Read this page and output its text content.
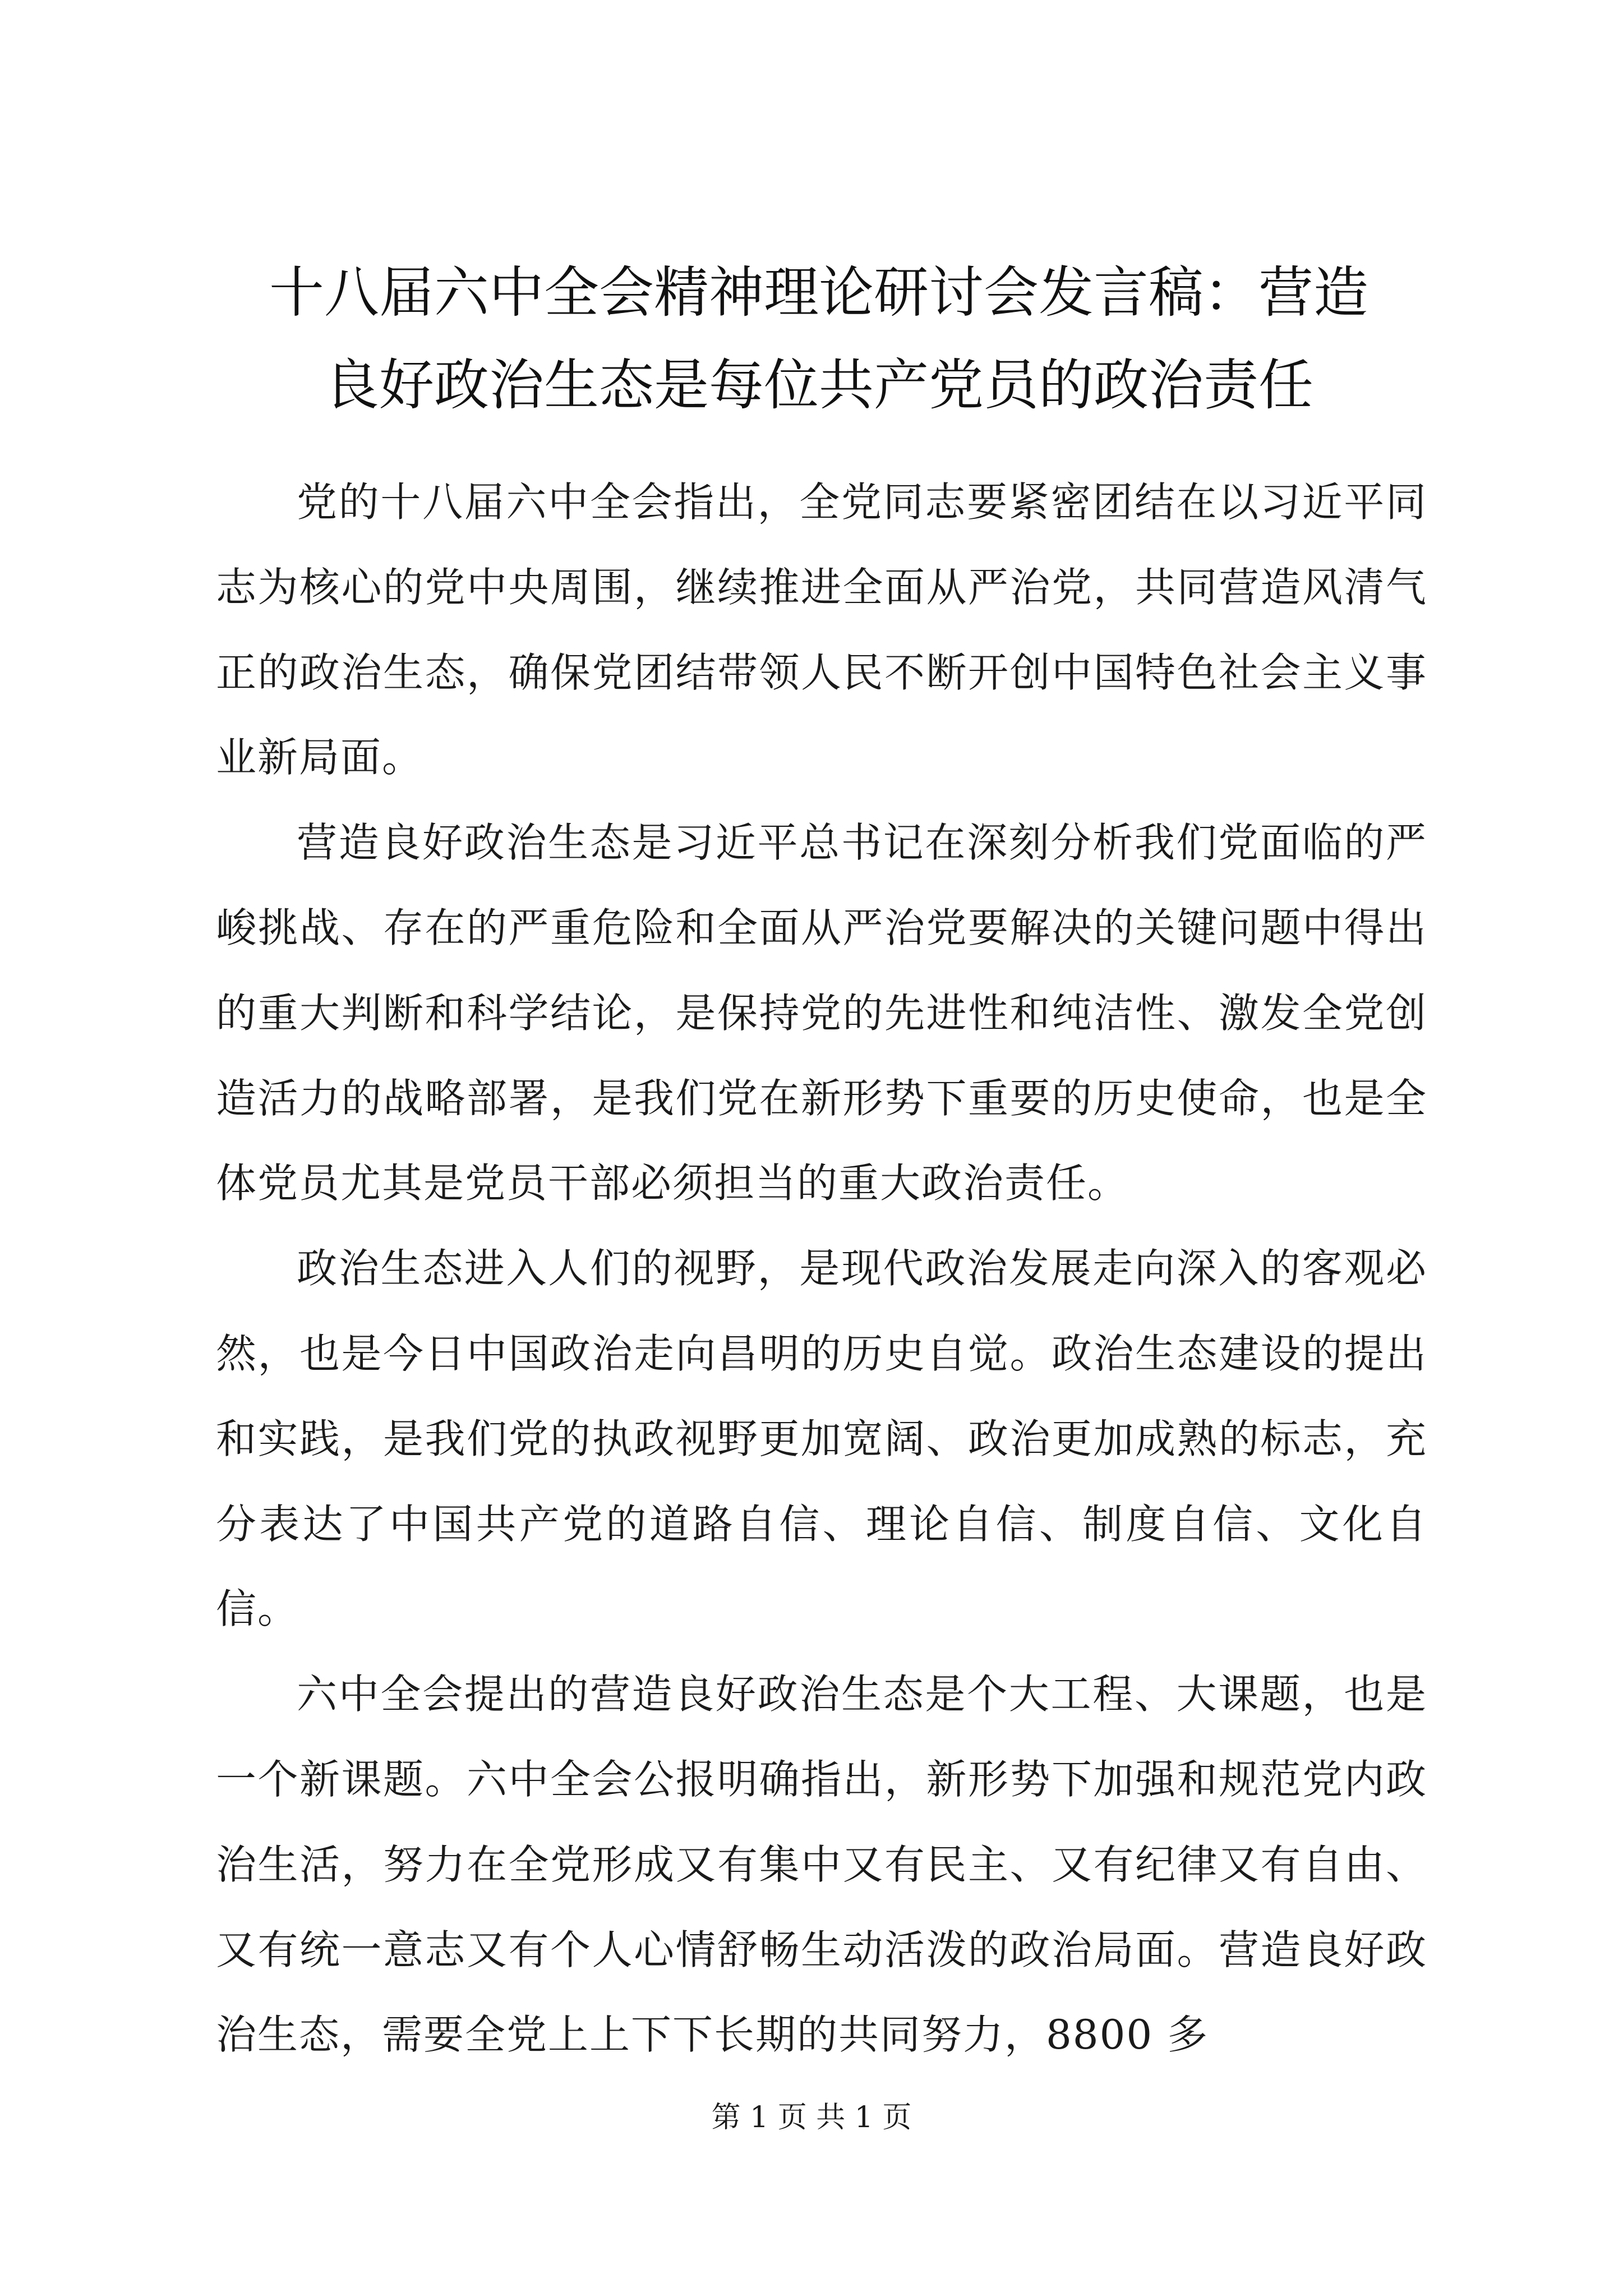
十八届六中全会精神理论研讨会发言稿：营造
良好政治生态是每位共产党员的政治责任

党的十八届六中全会指出，全党同志要紧密团结在以习近平同志为核心的党中央周围，继续推进全面从严治党，共同营造风清气正的政治生态，确保党团结带领人民不断开创中国特色社会主义事业新局面。

营造良好政治生态是习近平总书记在深刻分析我们党面临的严峻挑战、存在的严重危险和全面从严治党要解决的关键问题中得出的重大判断和科学结论，是保持党的先进性和纯洁性、激发全党创造活力的战略部署，是我们党在新形势下重要的历史使命，也是全体党员尤其是党员干部必须担当的重大政治责任。

政治生态进入人们的视野，是现代政治发展走向深入的客观必然，也是今日中国政治走向昌明的历史自觉。政治生态建设的提出和实践，是我们党的执政视野更加宽阔、政治更加成熟的标志，充分表达了中国共产党的道路自信、理论自信、制度自信、文化自信。

六中全会提出的营造良好政治生态是个大工程、大课题，也是一个新课题。六中全会公报明确指出，新形势下加强和规范党内政治生活，努力在全党形成又有集中又有民主、又有纪律又有自由、又有统一意志又有个人心情舒畅生动活泼的政治局面。营造良好政治生态，需要全党上上下下长期的共同努力，8800 多

第 1 页 共 1 页
